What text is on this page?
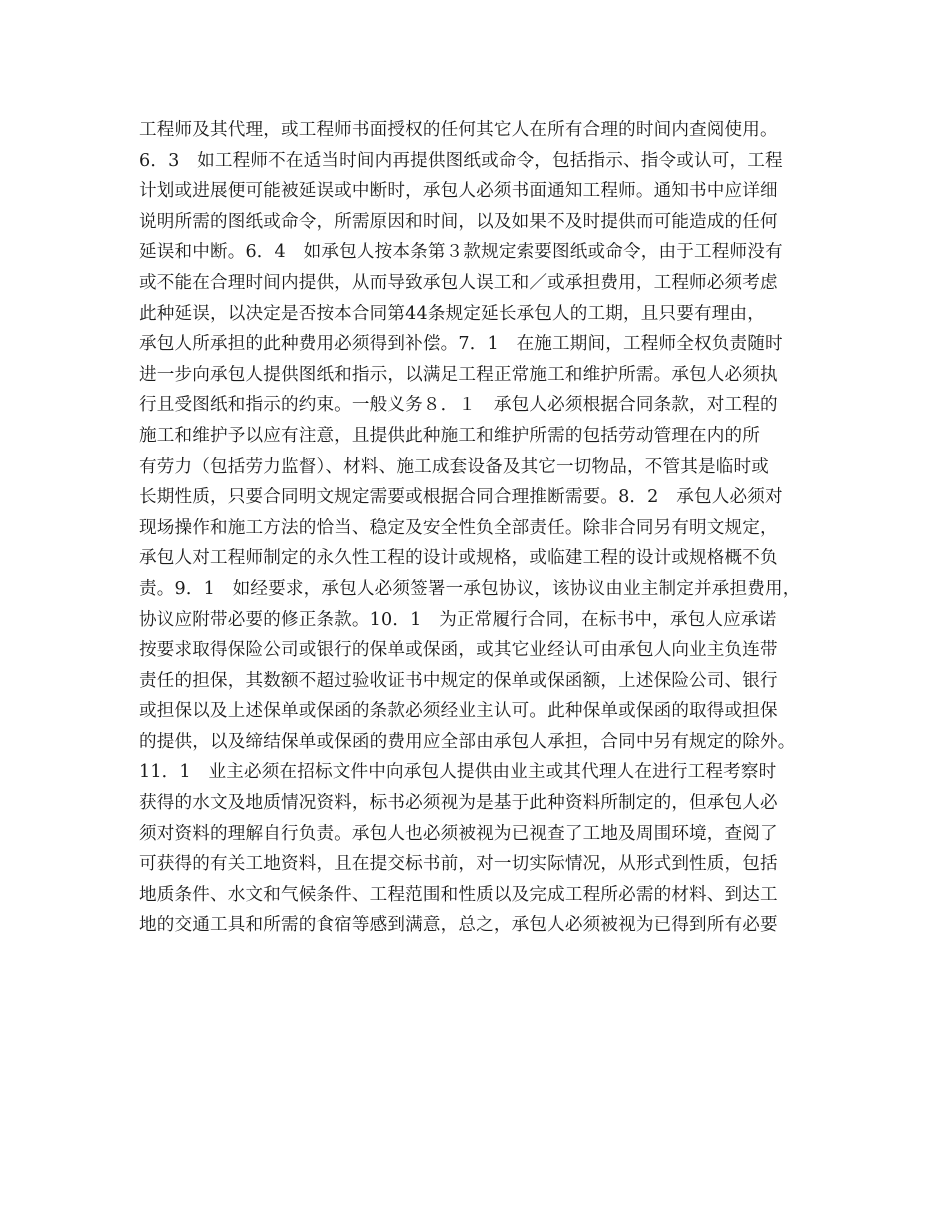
工程师及其代理，或工程师书面授权的任何其它人在所有合理的时间内查阅使用。
6．3　如工程师不在适当时间内再提供图纸或命令，包括指示、指令或认可，工程
计划或进展便可能被延误或中断时，承包人必须书面通知工程师。通知书中应详细
说明所需的图纸或命令，所需原因和时间，以及如果不及时提供而可能造成的任何
延误和中断。6．4　如承包人按本条第３款规定索要图纸或命令，由于工程师没有
或不能在合理时间内提供，从而导致承包人误工和／或承担费用，工程师必须考虑
此种延误，以决定是否按本合同第44条规定延长承包人的工期，且只要有理由，
承包人所承担的此种费用必须得到补偿。7．1　在施工期间，工程师全权负责随时
进一步向承包人提供图纸和指示，以满足工程正常施工和维护所需。承包人必须执
行且受图纸和指示的约束。一般义务８．１　承包人必须根据合同条款，对工程的
施工和维护予以应有注意，且提供此种施工和维护所需的包括劳动管理在内的所
有劳力（包括劳力监督）、材料、施工成套设备及其它一切物品，不管其是临时或
长期性质，只要合同明文规定需要或根据合同合理推断需要。8．2　承包人必须对
现场操作和施工方法的恰当、稳定及安全性负全部责任。除非合同另有明文规定，
承包人对工程师制定的永久性工程的设计或规格，或临建工程的设计或规格概不负
责。9．1　如经要求，承包人必须签署一承包协议，该协议由业主制定并承担费用，
协议应附带必要的修正条款。10．1　为正常履行合同，在标书中，承包人应承诺
按要求取得保险公司或银行的保单或保函，或其它业经认可由承包人向业主负连带
责任的担保，其数额不超过验收证书中规定的保单或保函额，上述保险公司、银行
或担保以及上述保单或保函的条款必须经业主认可。此种保单或保函的取得或担保
的提供，以及缔结保单或保函的费用应全部由承包人承担，合同中另有规定的除外。
11．1　业主必须在招标文件中向承包人提供由业主或其代理人在进行工程考察时
获得的水文及地质情况资料，标书必须视为是基于此种资料所制定的，但承包人必
须对资料的理解自行负责。承包人也必须被视为已视查了工地及周围环境，查阅了
可获得的有关工地资料，且在提交标书前，对一切实际情况，从形式到性质，包括
地质条件、水文和气候条件、工程范围和性质以及完成工程所必需的材料、到达工
地的交通工具和所需的食宿等感到满意，总之，承包人必须被视为已得到所有必要
